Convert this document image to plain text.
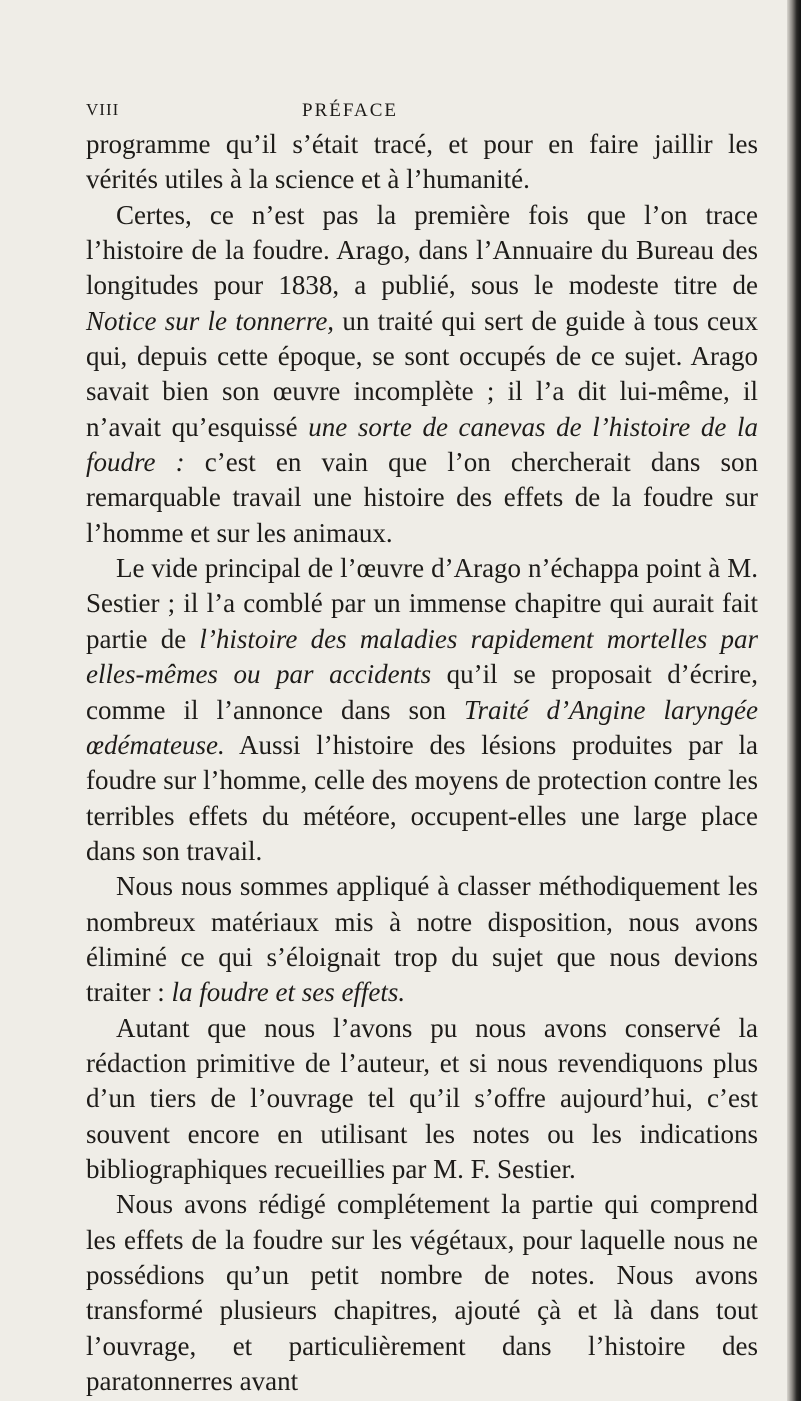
VIII	PRÉFACE

programme qu’il s’était tracé, et pour en faire jaillir les vérités utiles à la science et à l’humanité.

Certes, ce n’est pas la première fois que l’on trace l’histoire de la foudre. Arago, dans l’Annuaire du Bureau des longitudes pour 1838, a publié, sous le modeste titre de Notice sur le tonnerre, un traité qui sert de guide à tous ceux qui, depuis cette époque, se sont occupés de ce sujet. Arago savait bien son œuvre incomplète ; il l’a dit lui-même, il n’avait qu’esquissé une sorte de canevas de l’histoire de la foudre : c’est en vain que l’on chercherait dans son remarquable travail une histoire des effets de la foudre sur l’homme et sur les animaux.

Le vide principal de l’œuvre d’Arago n’échappa point à M. Sestier ; il l’a comblé par un immense chapitre qui aurait fait partie de l’histoire des maladies rapidement mortelles par elles-mêmes ou par accidents qu’il se proposait d’écrire, comme il l’annonce dans son Traité d’Angine laryngée œdémateuse. Aussi l’histoire des lésions produites par la foudre sur l’homme, celle des moyens de protection contre les terribles effets du météore, occupent-elles une large place dans son travail.

Nous nous sommes appliqué à classer méthodiquement les nombreux matériaux mis à notre disposition, nous avons éliminé ce qui s’éloignait trop du sujet que nous devions traiter : la foudre et ses effets.

Autant que nous l’avons pu nous avons conservé la rédaction primitive de l’auteur, et si nous revendiquons plus d’un tiers de l’ouvrage tel qu’il s’offre aujourd’hui, c’est souvent encore en utilisant les notes ou les indications bibliographiques recueillies par M. F. Sestier.

Nous avons rédigé complétement la partie qui comprend les effets de la foudre sur les végétaux, pour laquelle nous ne possédions qu’un petit nombre de notes. Nous avons transformé plusieurs chapitres, ajouté çà et là dans tout l’ouvrage, et particulièrement dans l’histoire des paratonnerres avant
